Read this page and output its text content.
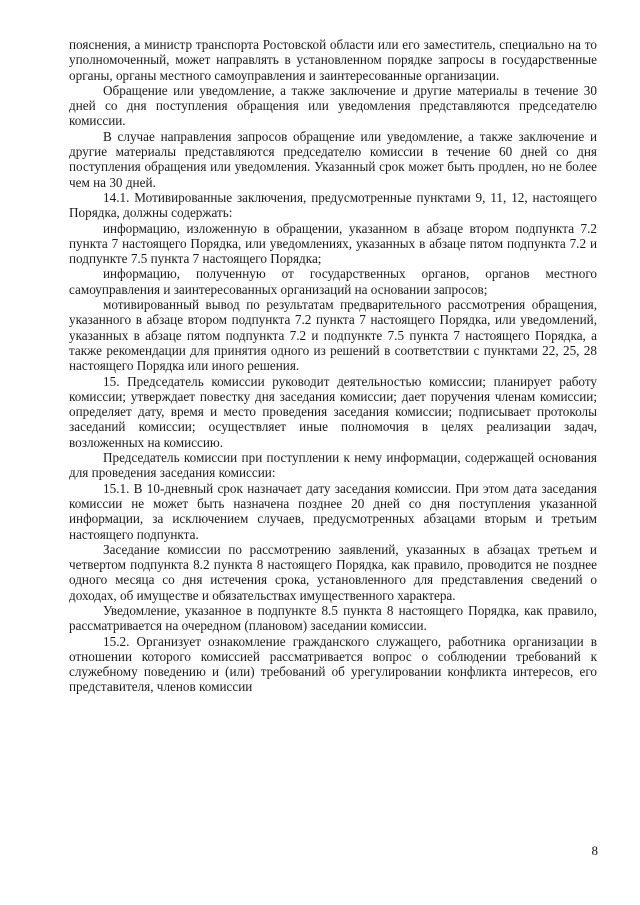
пояснения, а министр транспорта Ростовской области или его заместитель, специально на то уполномоченный, может направлять в установленном порядке запросы в государственные органы, органы местного самоуправления и заинтересованные организации.

Обращение или уведомление, а также заключение и другие материалы в течение 30 дней со дня поступления обращения или уведомления представляются председателю комиссии.

В случае направления запросов обращение или уведомление, а также заключение и другие материалы представляются председателю комиссии в течение 60 дней со дня поступления обращения или уведомления. Указанный срок может быть продлен, но не более чем на 30 дней.

14.1. Мотивированные заключения, предусмотренные пунктами 9, 11, 12, настоящего Порядка, должны содержать:

информацию, изложенную в обращении, указанном в абзаце втором подпункта 7.2 пункта 7 настоящего Порядка, или уведомлениях, указанных в абзаце пятом подпункта 7.2 и подпункте 7.5 пункта 7 настоящего Порядка;

информацию, полученную от государственных органов, органов местного самоуправления и заинтересованных организаций на основании запросов;

мотивированный вывод по результатам предварительного рассмотрения обращения, указанного в абзаце втором подпункта 7.2 пункта 7 настоящего Порядка, или уведомлений, указанных в абзаце пятом подпункта 7.2 и подпункте 7.5 пункта 7 настоящего Порядка, а также рекомендации для принятия одного из решений в соответствии с пунктами 22, 25, 28 настоящего Порядка или иного решения.

15. Председатель комиссии руководит деятельностью комиссии; планирует работу комиссии; утверждает повестку дня заседания комиссии; дает поручения членам комиссии; определяет дату, время и место проведения заседания комиссии; подписывает протоколы заседаний комиссии; осуществляет иные полномочия в целях реализации задач, возложенных на комиссию.

Председатель комиссии при поступлении к нему информации, содержащей основания для проведения заседания комиссии:

15.1. В 10-дневный срок назначает дату заседания комиссии. При этом дата заседания комиссии не может быть назначена позднее 20 дней со дня поступления указанной информации, за исключением случаев, предусмотренных абзацами вторым и третьим настоящего подпункта.

Заседание комиссии по рассмотрению заявлений, указанных в абзацах третьем и четвертом подпункта 8.2 пункта 8 настоящего Порядка, как правило, проводится не позднее одного месяца со дня истечения срока, установленного для представления сведений о доходах, об имуществе и обязательствах имущественного характера.

Уведомление, указанное в подпункте 8.5 пункта 8 настоящего Порядка, как правило, рассматривается на очередном (плановом) заседании комиссии.

15.2. Организует ознакомление гражданского служащего, работника организации в отношении которого комиссией рассматривается вопрос о соблюдении требований к служебному поведению и (или) требований об урегулировании конфликта интересов, его представителя, членов комиссии

8
